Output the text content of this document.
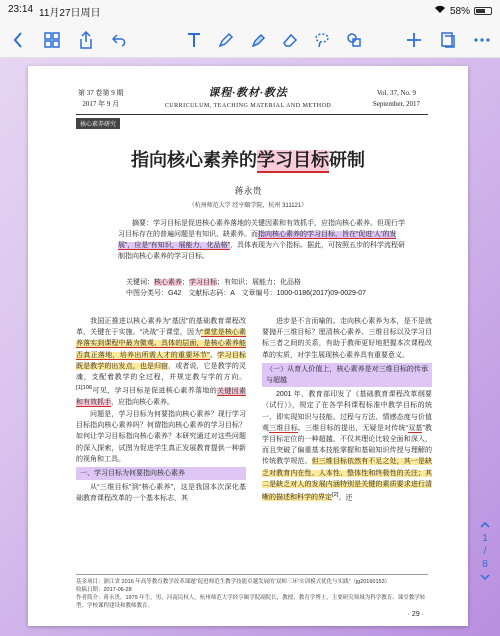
23:14 11月27日周日	58%
第 37 卷第 9 期
2017 年 9 月
课程·教材·教法
CURRICULUM, TEACHING MATERIAL AND METHOD
Vol. 37, No. 9
September, 2017
核心素养研究
指向核心素养的学习目标研制
蒋永贵
（杭州师范大学 经亨颐学院，杭州 311121）

摘要：学习目标是促进核心素养落地的关键因素和有效抓手，应指向核心素养。但现行学习目标存在的普遍问题是有知识、缺素养。而指向核心素养的学习目标，旨在“促进‘人’的发展”，应是“有知识，展能力，化品格”，具体表现为六个指标。据此，可按照五步的科学流程研制指向核心素养的学习目标。

关键词：核心素养；学习目标；有知识；展能力；化品格
中图分类号：G42　文献标志码：A　文章编号：1000-0186(2017)09-0029-07

我国正推进以核心素养为“基因”的基础教育课程改革，关键在于实施。“决战”于课堂，因为“课堂是核心素养落实到课程中最为微观、具体的层面，是核心素养能否真正落地，培养出所需人才的重要环节”。学习目标既是教学的出发点，也是归宿，或者说，它是教学的灵魂，支配着教学的全过程，并规定教与学的方向。$^{[1]106}$可见，学习目标是促进核心素养落地的关键因素和有效抓手，应指向核心素养。

问题是，学习目标为何要指向核心素养？现行学习目标指向核心素养吗？何谓指向核心素养的学习目标？如何让学习目标指向核心素养？本研究通过对这些问题的深入探索，试图为促进学生真正发展教育提供一种新的视角和工具。

一、学习目标为何要指向核心素养

从“三维目标”到“核心素养”，这是我国本次深化基础教育课程改革的一个基本标志，其

进步是不言而喻的。走向核心素养为本，是不是就要抛开三维目标？厘清核心素养、三维目标以及学习目标三者之间的关系，有助于教师更好地把握本次课程改革的实质，对学生展现核心素养具有重要意义。

（一）从育人价值上，核心素养是对三维目标的传承与超越

2001 年，教育部印发了《基础教育课程改革纲要（试行）》，规定了在各学科课程标准中教学目标的统一、即实现知识与技能、过程与方法、情感态度与价值观三维目标。三维目标的提出，无疑是对传统“双基”教学目标定位的一种超越，不仅其理论比较全面和深入，而且突破了偏重基本技能掌握和基础知识传授与理解的传统教学规范。但三维目标依然有不足之处，其一是缺乏对教育内在性、人本性、整体性和终极性的关注；其二是缺乏对人的发展内涵特别是关键的素质要求进行清晰的描述和科学的界定[2]。还

基金项目：浙江省 2016 年高等教育教学改革课题“促进师范生教学技能卓越发展的‘双师三环’实训模式优化与实践”（jg20160153）
收稿日期：2017-06-28
作者简介：蒋永贵，1979 年生，男，河南民权人，杭州师范大学经亨颐学院副院长，教授，教育学博士，主要研究领域为科学教育、课堂教学转型、学校课程建设和教师教育。
· 29 ·
1
/
8
